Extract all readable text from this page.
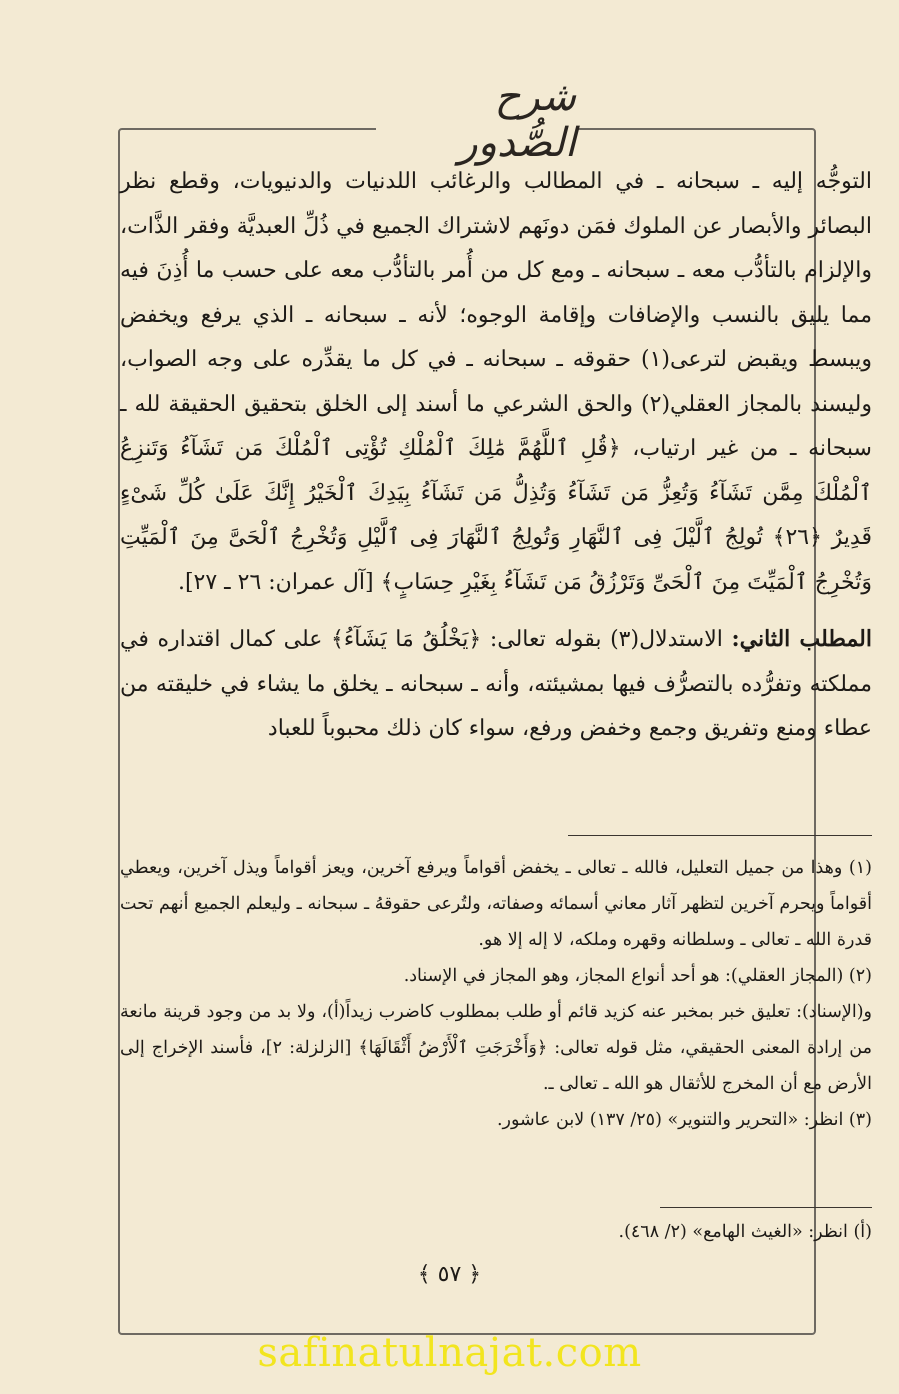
شرح الصُّدور

التوجُّه إليه ـ سبحانه ـ في المطالب والرغائب اللدنيات والدنيويات، وقطع نظر البصائر والأبصار عن الملوك فمَن دونَهم لاشتراك الجميع في ذُلِّ العبديَّة وفقر الذَّات، والإلزام بالتأدُّب معه ـ سبحانه ـ ومع كل من أُمر بالتأدُّب معه على حسب ما أُذِنَ فيه مما يليق بالنسب والإضافات وإقامة الوجوه؛ لأنه ـ سبحانه ـ الذي يرفع ويخفض ويبسط ويقبض لترعى(١) حقوقه ـ سبحانه ـ في كل ما يقدِّره على وجه الصواب، وليسند بالمجاز العقلي(٢) والحق الشرعي ما أسند إلى الخلق بتحقيق الحقيقة لله ـ سبحانه ـ من غير ارتياب، ﴿قُلِ ٱللَّهُمَّ مَٰلِكَ ٱلْمُلْكِ تُؤْتِى ٱلْمُلْكَ مَن تَشَآءُ وَتَنزِعُ ٱلْمُلْكَ مِمَّن تَشَآءُ وَتُعِزُّ مَن تَشَآءُ وَتُذِلُّ مَن تَشَآءُ بِيَدِكَ ٱلْخَيْرُ إِنَّكَ عَلَىٰ كُلِّ شَىْءٍ قَدِيرٌ ﴿٢٦﴾ تُولِجُ ٱلَّيْلَ فِى ٱلنَّهَارِ وَتُولِجُ ٱلنَّهَارَ فِى ٱلَّيْلِ وَتُخْرِجُ ٱلْحَىَّ مِنَ ٱلْمَيِّتِ وَتُخْرِجُ ٱلْمَيِّتَ مِنَ ٱلْحَىِّ وَتَرْزُقُ مَن تَشَآءُ بِغَيْرِ حِسَابٍ﴾ [آل عمران: ٢٦ ـ ٢٧].

المطلب الثاني: الاستدلال(٣) بقوله تعالى: ﴿يَخْلُقُ مَا يَشَآءُ﴾ على كمال اقتداره في مملكته وتفرُّده بالتصرُّف فيها بمشيئته، وأنه ـ سبحانه ـ يخلق ما يشاء في خليقته من عطاء ومنع وتفريق وجمع وخفض ورفع، سواء كان ذلك محبوباً للعباد

(١) وهذا من جميل التعليل، فالله ـ تعالى ـ يخفض أقواماً ويرفع آخرين، ويعز أقواماً ويذل آخرين، ويعطي أقواماً ويحرم آخرين لتظهر آثار معاني أسمائه وصفاته، ولتُرعى حقوقهُ ـ سبحانه ـ وليعلم الجميع أنهم تحت قدرة الله ـ تعالى ـ وسلطانه وقهره وملكه، لا إله إلا هو.

(٢) (المجاز العقلي): هو أحد أنواع المجاز، وهو المجاز في الإسناد.

و(الإسناد): تعليق خبر بمخبر عنه كزيد قائم أو طلب بمطلوب كاضرب زيداً(أ)، ولا بد من وجود قرينة مانعة من إرادة المعنى الحقيقي، مثل قوله تعالى: ﴿وَأَخْرَجَتِ ٱلْأَرْضُ أَثْقَالَهَا﴾ [الزلزلة: ٢]، فأسند الإخراج إلى الأرض مع أن المخرج للأثقال هو الله ـ تعالى ـ.

(٣) انظر: «التحرير والتنوير» (٢٥/ ١٣٧) لابن عاشور.

(أ) انظر: «الغيث الهامع» (٢/ ٤٦٨).
﴿ ٥٧ ﴾
safinatulnajat.com
